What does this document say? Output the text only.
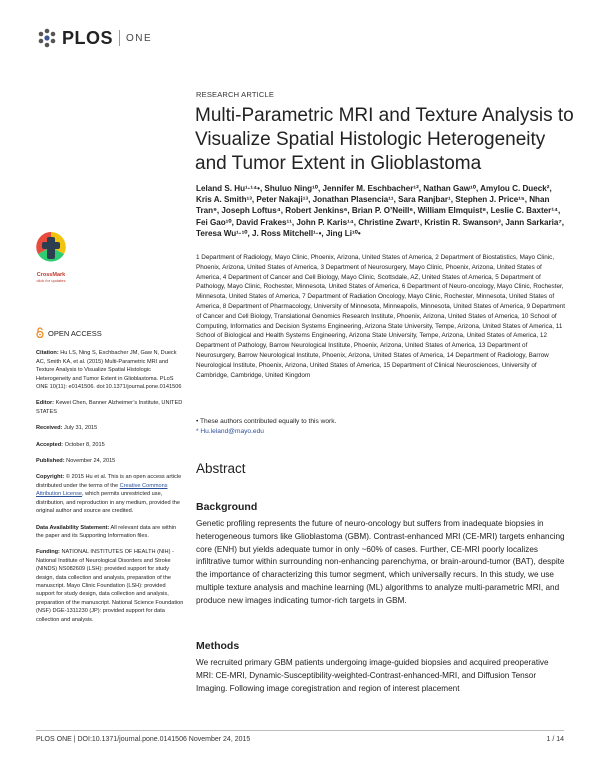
PLOS ONE
RESEARCH ARTICLE
Multi-Parametric MRI and Texture Analysis to Visualize Spatial Histologic Heterogeneity and Tumor Extent in Glioblastoma
CrossMark
click for updates
Leland S. Hu¹·¹⁴•, Shuluo Ning¹⁰, Jennifer M. Eschbacher¹², Nathan Gaw¹⁰, Amylou C. Dueck², Kris A. Smith¹³, Peter Nakaji¹³, Jonathan Plasencia¹¹, Sara Ranjbar¹, Stephen J. Price¹⁵, Nhan Tran⁹, Joseph Loftus⁴, Robert Jenkins⁶, Brian P. O’Neill⁶, William Elmquist⁸, Leslie C. Baxter¹⁴, Fei Gao¹⁰, David Frakes¹¹, John P. Karis¹⁴, Christine Zwart¹, Kristin R. Swanson³, Jann Sarkaria⁷, Teresa Wu¹·¹⁰, J. Ross Mitchell¹·•, Jing Li¹⁰•
1 Department of Radiology, Mayo Clinic, Phoenix, Arizona, United States of America, 2 Department of Biostatistics, Mayo Clinic, Phoenix, Arizona, United States of America, 3 Department of Neurosurgery, Mayo Clinic, Phoenix, Arizona, United States of America, 4 Department of Cancer and Cell Biology, Mayo Clinic, Scottsdale, AZ, United States of America, 5 Department of Pathology, Mayo Clinic, Rochester, Minnesota, United States of America, 6 Department of Neuro-oncology, Mayo Clinic, Rochester, Minnesota, United States of America, 7 Department of Radiation Oncology, Mayo Clinic, Rochester, Minnesota, United States of America, 8 Department of Pharmacology, University of Minnesota, Minneapolis, Minnesota, United States of America, 9 Department of Cancer and Cell Biology, Translational Genomics Research Institute, Phoenix, Arizona, United States of America, 10 School of Computing, Informatics and Decision Systems Engineering, Arizona State University, Tempe, Arizona, United States of America, 11 School of Biological and Health Systems Engineering, Arizona State University, Tempe, Arizona, United States of America, 12 Department of Pathology, Barrow Neurological Institute, Phoenix, Arizona, United States of America, 13 Department of Neurosurgery, Barrow Neurological Institute, Phoenix, Arizona, United States of America, 14 Department of Radiology, Barrow Neurological Institute, Phoenix, Arizona, United States of America, 15 Department of Clinical Neurosciences, University of Cambridge, Cambridge, United Kingdom
• These authors contributed equally to this work.
* Hu.leland@mayo.edu
OPEN ACCESS
Citation: Hu LS, Ning S, Eschbacher JM, Gaw N, Dueck AC, Smith KA, et al. (2015) Multi-Parametric MRI and Texture Analysis to Visualize Spatial Histologic Heterogeneity and Tumor Extent in Glioblastoma. PLoS ONE 10(11): e0141506. doi:10.1371/journal.pone.0141506
Editor: Kewei Chen, Banner Alzheimer’s Institute, UNITED STATES
Received: July 31, 2015
Accepted: October 8, 2015
Published: November 24, 2015
Copyright: © 2015 Hu et al. This is an open access article distributed under the terms of the Creative Commons Attribution License, which permits unrestricted use, distribution, and reproduction in any medium, provided the original author and source are credited.
Data Availability Statement: All relevant data are within the paper and its Supporting Information files.
Funding: NATIONAL INSTITUTES OF HEALTH (NIH) - National Institute of Neurological Disorders and Stroke (NINDS) NS082609 (LSH): provided support for study design, data collection and analysis, preparation of the manuscript. Mayo Clinic Foundation (LSH): provided support for study design, data collection and analysis, preparation of the manuscript. National Science Foundation (NSF) DGE-1311230 (JP): provided support for data collection and analysis.
Abstract
Background
Genetic profiling represents the future of neuro-oncology but suffers from inadequate biopsies in heterogeneous tumors like Glioblastoma (GBM). Contrast-enhanced MRI (CE-MRI) targets enhancing core (ENH) but yields adequate tumor in only ~60% of cases. Further, CE-MRI poorly localizes infiltrative tumor within surrounding non-enhancing parenchyma, or brain-around-tumor (BAT), despite the importance of characterizing this tumor segment, which universally recurs. In this study, we use multiple texture analysis and machine learning (ML) algorithms to analyze multi-parametric MRI, and produce new images indicating tumor-rich targets in GBM.
Methods
We recruited primary GBM patients undergoing image-guided biopsies and acquired preoperative MRI: CE-MRI, Dynamic-Susceptibility-weighted-Contrast-enhanced-MRI, and Diffusion Tensor Imaging. Following image coregistration and region of interest placement
PLOS ONE | DOI:10.1371/journal.pone.0141506 November 24, 2015	1 / 14
